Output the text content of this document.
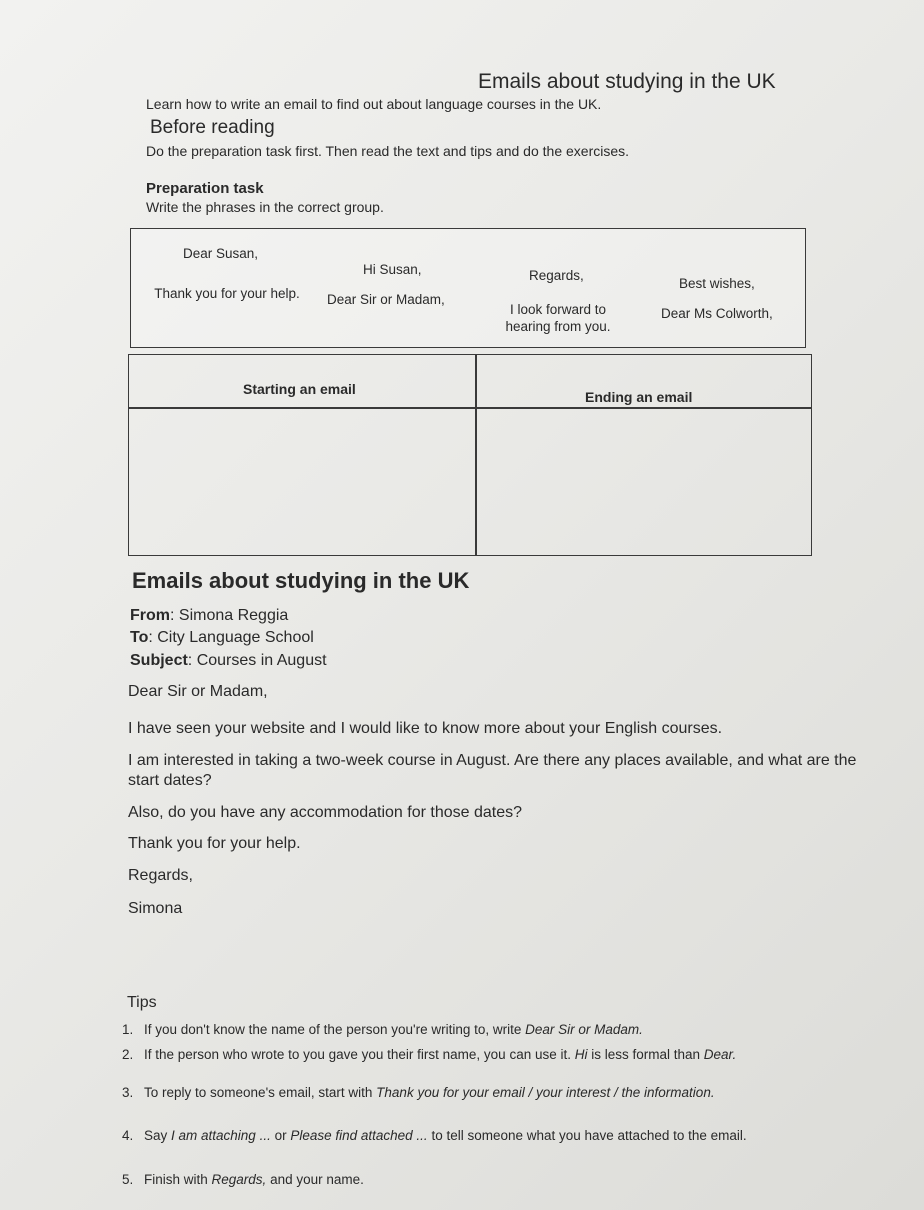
Emails about studying in the UK
Learn how to write an email to find out about language courses in the UK.
Before reading
Do the preparation task first. Then read the text and tips and do the exercises.
Preparation task
Write the phrases in the correct group.
Dear Susan,
Hi Susan,	Regards,
Best wishes,
Thank you for your help. Dear Sir or Madam,
I look forward to hearing from you.
Dear Ms Colworth,
Starting an email	Ending an email
Emails about studying in the UK
From: Simona Reggia
To: City Language School
Subject: Courses in August
Dear Sir or Madam,
I have seen your website and I would like to know more about your English courses.
I am interested in taking a two-week course in August. Are there any places available, and what are the start dates?
Also, do you have any accommodation for those dates?
Thank you for your help.
Regards,
Simona
Tips
1. If you don't know the name of the person you're writing to, write Dear Sir or Madam.
2. If the person who wrote to you gave you their first name, you can use it. Hi is less formal than Dear.
3. To reply to someone's email, start with Thank you for your email / your interest / the information.
4. Say I am attaching ... or Please find attached ... to tell someone what you have attached to the email.
5. Finish with Regards, and your name.
